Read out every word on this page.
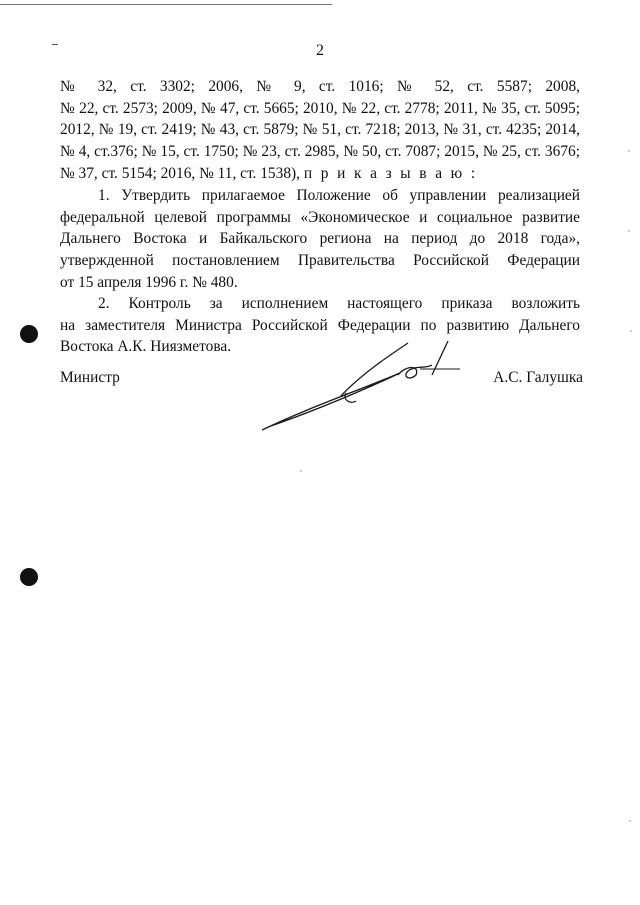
2
№ 32, ст. 3302; 2006, № 9, ст. 1016; № 52, ст. 5587; 2008,
№ 22, ст. 2573; 2009, № 47, ст. 5665; 2010, № 22, ст. 2778; 2011, № 35, ст. 5095;
2012, № 19, ст. 2419; № 43, ст. 5879; № 51, ст. 7218; 2013, № 31, ст. 4235; 2014,
№ 4, ст.376; № 15, ст. 1750; № 23, ст. 2985, № 50, ст. 7087; 2015, № 25, ст. 3676;
№ 37, ст. 5154; 2016, № 11, ст. 1538), п р и к а з ы в а ю :
1. Утвердить прилагаемое Положение об управлении реализацией
федеральной целевой программы «Экономическое и социальное развитие
Дальнего Востока и Байкальского региона на период до 2018 года»,
утвержденной постановлением Правительства Российской Федерации
от 15 апреля 1996 г. № 480.
2. Контроль за исполнением настоящего приказа возложить
на заместителя Министра Российской Федерации по развитию Дальнего
Востока А.К. Ниязметова.
Министр	А.С. Галушка
